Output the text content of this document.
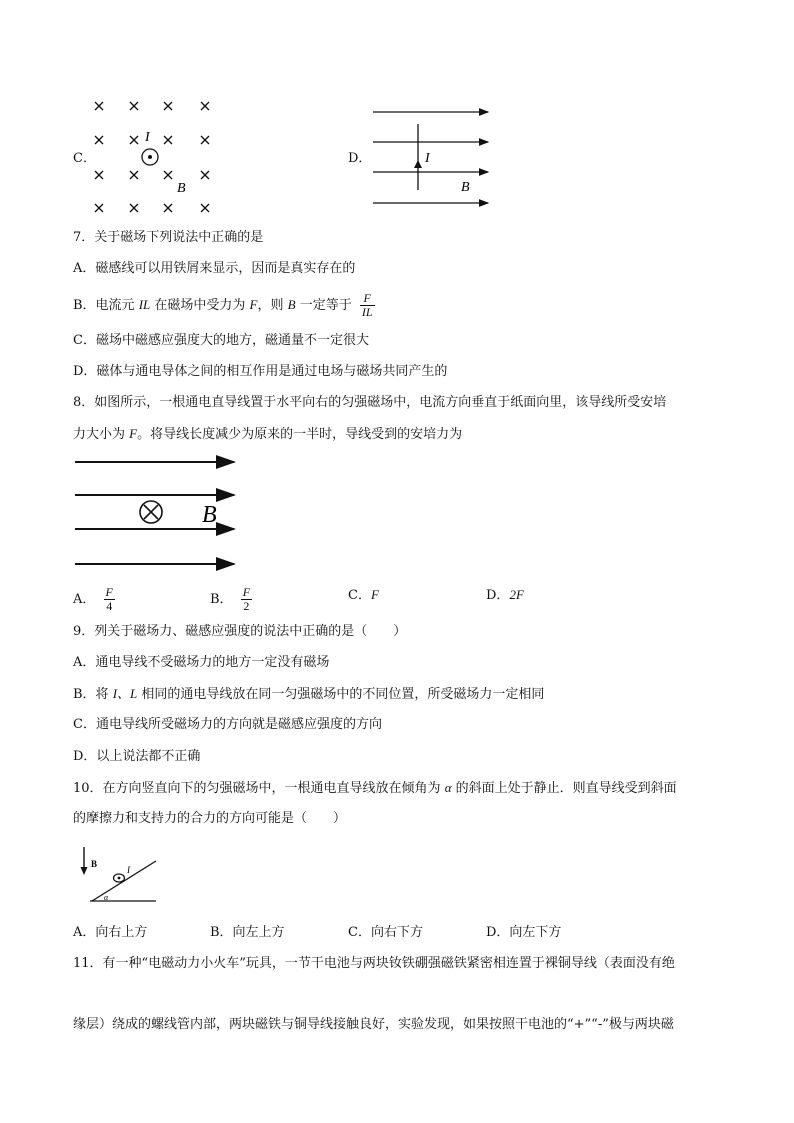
C．
I
B
D．	I
B
7．关于磁场下列说法中正确的是
A．磁感线可以用铁屑来显示，因而是真实存在的
B．电流元 IL 在磁场中受力为 F，则 B 一定等于 $\frac{F}{IL}$
C．磁场中磁感应强度大的地方，磁通量不一定很大
D．磁体与通电导体之间的相互作用是通过电场与磁场共同产生的
8．如图所示，一根通电直导线置于水平向右的匀强磁场中，电流方向垂直于纸面向里，该导线所受安培
力大小为 F。将导线长度减少为原来的一半时，导线受到的安培力为
B
A． $\frac{F}{4}$	B． $\frac{F}{2}$	C．F	D．2F
9．列关于磁场力、磁感应强度的说法中正确的是（　　）
A．通电导线不受磁场力的地方一定没有磁场
B．将 I、L 相同的通电导线放在同一匀强磁场中的不同位置，所受磁场力一定相同
C．通电导线所受磁场力的方向就是磁感应强度的方向
D．以上说法都不正确
10．在方向竖直向下的匀强磁场中，一根通电直导线放在倾角为 α 的斜面上处于静止．则直导线受到斜面
的摩擦力和支持力的合力的方向可能是（　　）
B
I
α
A．向右上方	B．向左上方	C．向右下方	D．向左下方
11．有一种“电磁动力小火车”玩具，一节干电池与两块钕铁硼强磁铁紧密相连置于裸铜导线（表面没有绝
缘层）绕成的螺线管内部，两块磁铁与铜导线接触良好，实验发现，如果按照干电池的“+”“-”极与两块磁
